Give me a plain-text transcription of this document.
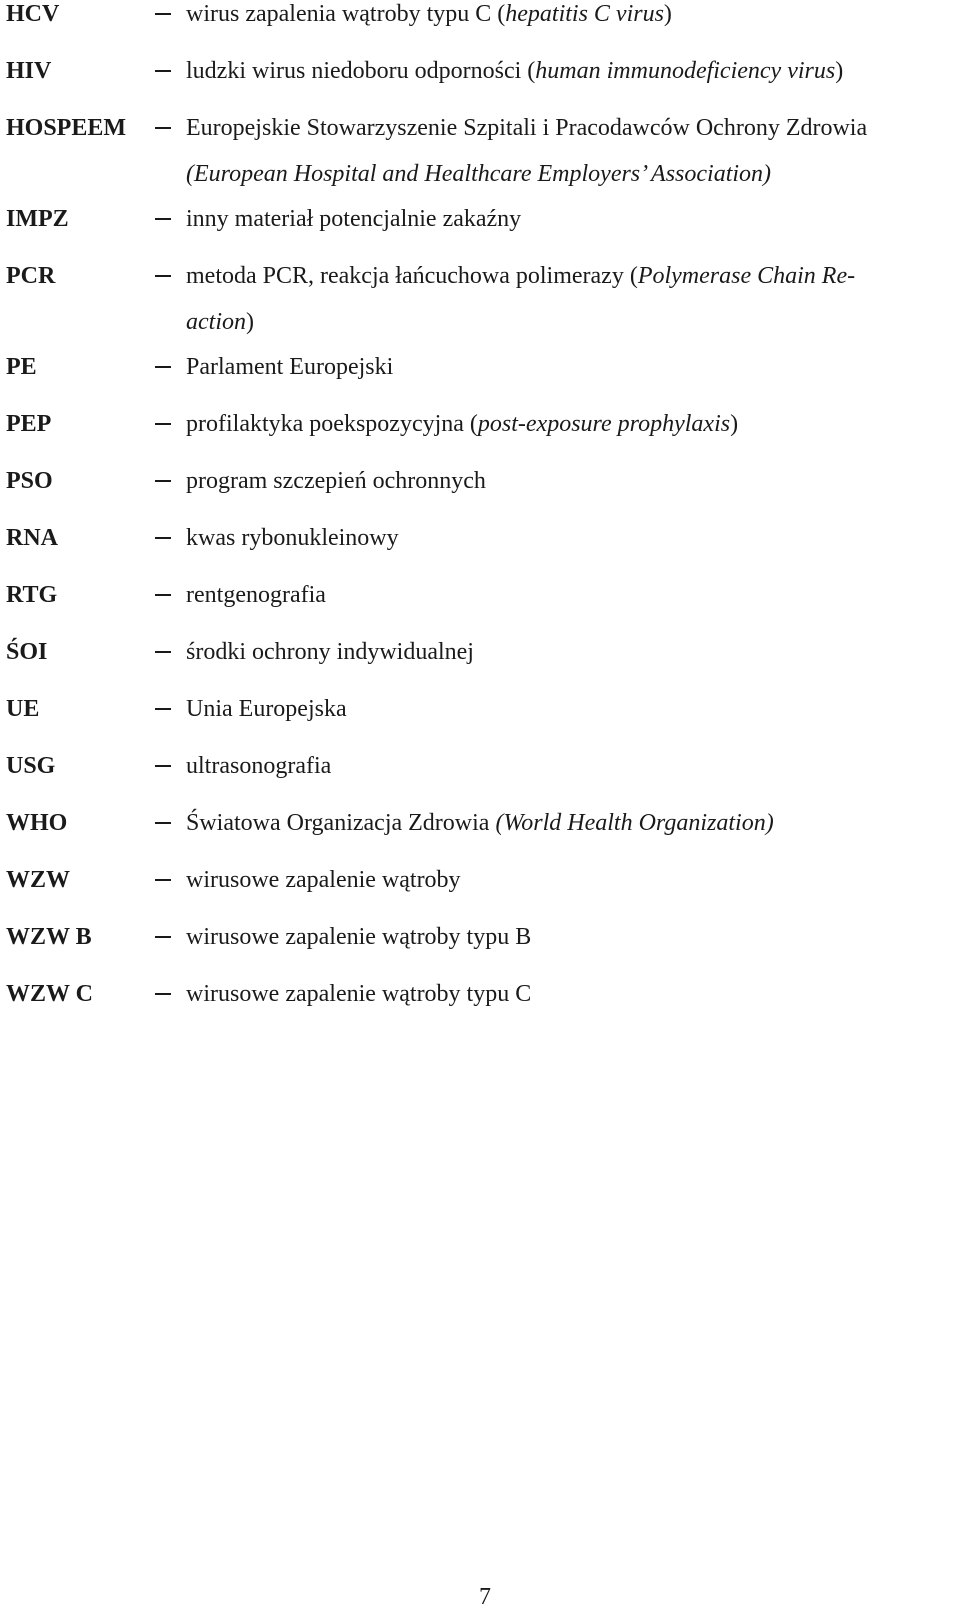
HCV	wirus zapalenia wątroby typu C (hepatitis C virus)
HIV	ludzki wirus niedoboru odporności (human immunodeficiency virus)
HOSPEEM Europejskie Stowarzyszenie Szpitali i Pracodawców Ochrony Zdrowia
(European Hospital and Healthcare Employers’ Association)
IMPZ	inny materiał potencjalnie zakaźny
PCR	metoda PCR, reakcja łańcuchowa polimerazy (Polymerase Chain Re-
action)
PE	Parlament Europejski
PEP	profilaktyka poekspozycyjna (post-exposure prophylaxis)
PSO	program szczepień ochronnych
RNA	kwas rybonukleinowy
RTG	rentgenografia
ŚOI	środki ochrony indywidualnej
UE	Unia Europejska
USG	ultrasonografia
WHO	Światowa Organizacja Zdrowia (World Health Organization)
WZW	wirusowe zapalenie wątroby
WZW B	wirusowe zapalenie wątroby typu B
WZW C	wirusowe zapalenie wątroby typu C
7
